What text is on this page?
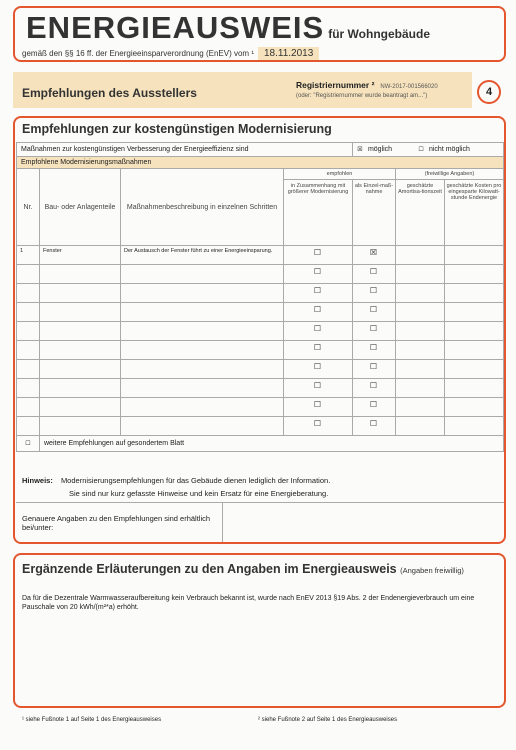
ENERGIEAUSWEIS für Wohngebäude
gemäß den §§ 16 ff. der Energieeinsparverordnung (EnEV) vom ¹ 18.11.2013
Empfehlungen des Ausstellers
Registriernummer ² NW-2017-001566020
(oder: "Registriernummer wurde beantragt am...")	4
Empfehlungen zur kostengünstigen Modernisierung
Maßnahmen zur kostengünstigen Verbesserung der Energieeffizienz sind				☒ möglich ☐ nicht möglich		
Empfohlene Modernisierungsmaßnahmen						
Nr.	Bau- oder Anlagenteile	Maßnahmenbeschreibung in einzelnen Schritten	empfohlen		(freiwillige Angaben)	
			in Zusammenhang mit größerer Modernisierung	als Einzel-maß-nahme	geschätzte Amortisa-tionszeit	geschätzte Kosten pro eingesparte Kilowatt-stunde Endenergie
1	Fenster	Der Austausch der Fenster führt zu einer Energieeinsparung.	☐	☒		
			☐	☐		
			☐	☐		
			☐	☐		
			☐	☐		
			☐	☐		
			☐	☐		
			☐	☐		
			☐	☐		
			☐	☐		
☐	weitere Empfehlungen auf gesondertem Blatt					
Hinweis: Modernisierungsempfehlungen für das Gebäude dienen lediglich der Information.
Sie sind nur kurz gefasste Hinweise und kein Ersatz für eine Energieberatung.
Genauere Angaben zu den Empfehlungen sind erhältlich bei/unter:
Ergänzende Erläuterungen zu den Angaben im Energieausweis (Angaben freiwillig)
Da für die Dezentrale Warmwasseraufbereitung kein Verbrauch bekannt ist, wurde nach EnEV 2013 §19 Abs. 2 der Endenergieverbrauch um eine Pauschale von 20 kWh/(m²*a) erhöht.
¹ siehe Fußnote 1 auf Seite 1 des Energieausweises	² siehe Fußnote 2 auf Seite 1 des Energieausweises
